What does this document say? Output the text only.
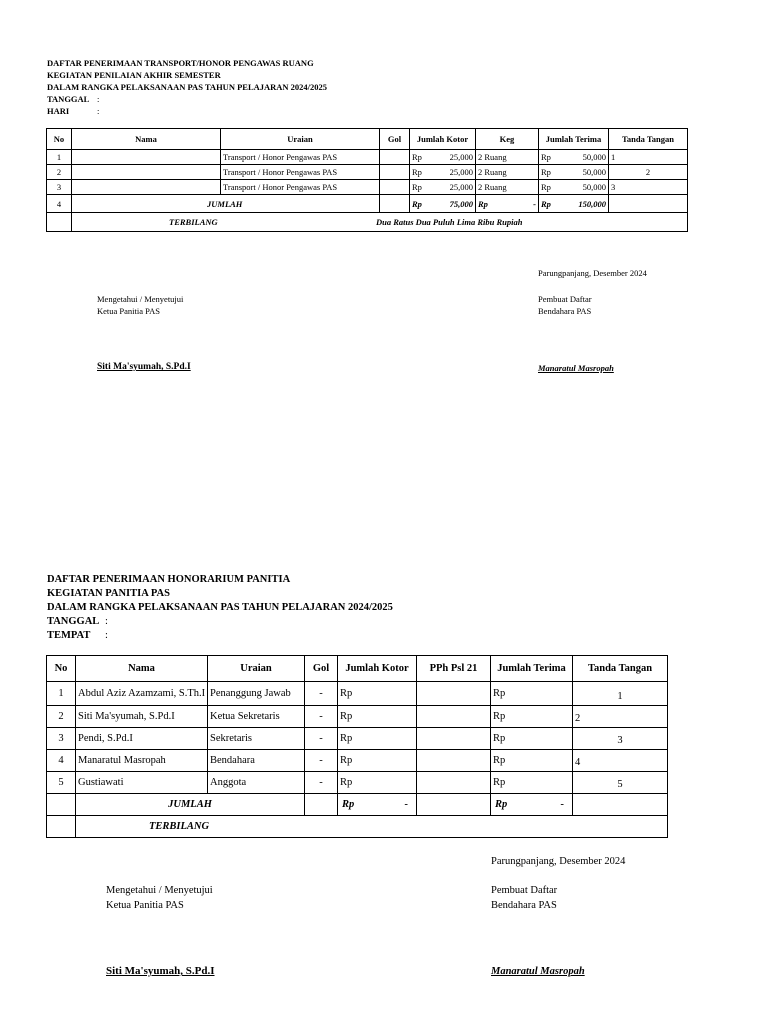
DAFTAR PENERIMAAN TRANSPORT/HONOR PENGAWAS RUANG
KEGIATAN PENILAIAN AKHIR SEMESTER
DALAM RANGKA PELAKSANAAN PAS TAHUN PELAJARAN 2024/2025
TANGGAL :
HARI	:
No	Nama	Uraian	Gol	Jumlah Kotor	Keg	Jumlah Terima	Tanda Tangan
1		Transport / Honor Pengawas PAS		Rp 25,000	2 Ruang	Rp 50,000	1
2		Transport / Honor Pengawas PAS		Rp 25,000	2 Ruang	Rp 50,000	2
3		Transport / Honor Pengawas PAS		Rp 25,000	2 Ruang	Rp 50,000	3
4	JUMLAH			Rp 75,000	Rp -	Rp 150,000	

	TERBILANG Dua Ratus Dua Puluh Lima Ribu Rupiah						
Parungpanjang, Desember 2024
Mengetahui / Menyetujui
Ketua Panitia PAS
Pembuat Daftar
Bendahara PAS
Siti Ma'syumah, S.Pd.I	Manaratul Masropah
DAFTAR PENERIMAAN HONORARIUM PANITIA
KEGIATAN PANITIA PAS
DALAM RANGKA PELAKSANAAN PAS TAHUN PELAJARAN 2024/2025
TANGGAL :
TEMPAT :
No	Nama	Uraian	Gol	Jumlah Kotor	PPh Psl 21	Jumlah Terima	Tanda Tangan
1	Abdul Aziz Azamzami, S.Th.I	Penanggung Jawab	-	Rp		Rp	1
2	Siti Ma'syumah, S.Pd.I	Ketua Sekretaris	-	Rp		Rp	2
3	Pendi, S.Pd.I	Sekretaris	-	Rp		Rp	3
4	Manaratul Masropah	Bendahara	-	Rp		Rp	4
5	Gustiawati	Anggota	-	Rp		Rp	5
	JUMLAH			Rp -		Rp -	

	TERBILANG						
Parungpanjang, Desember 2024
Mengetahui / Menyetujui
Ketua Panitia PAS
Pembuat Daftar
Bendahara PAS
Siti Ma'syumah, S.Pd.I	Manaratul Masropah
